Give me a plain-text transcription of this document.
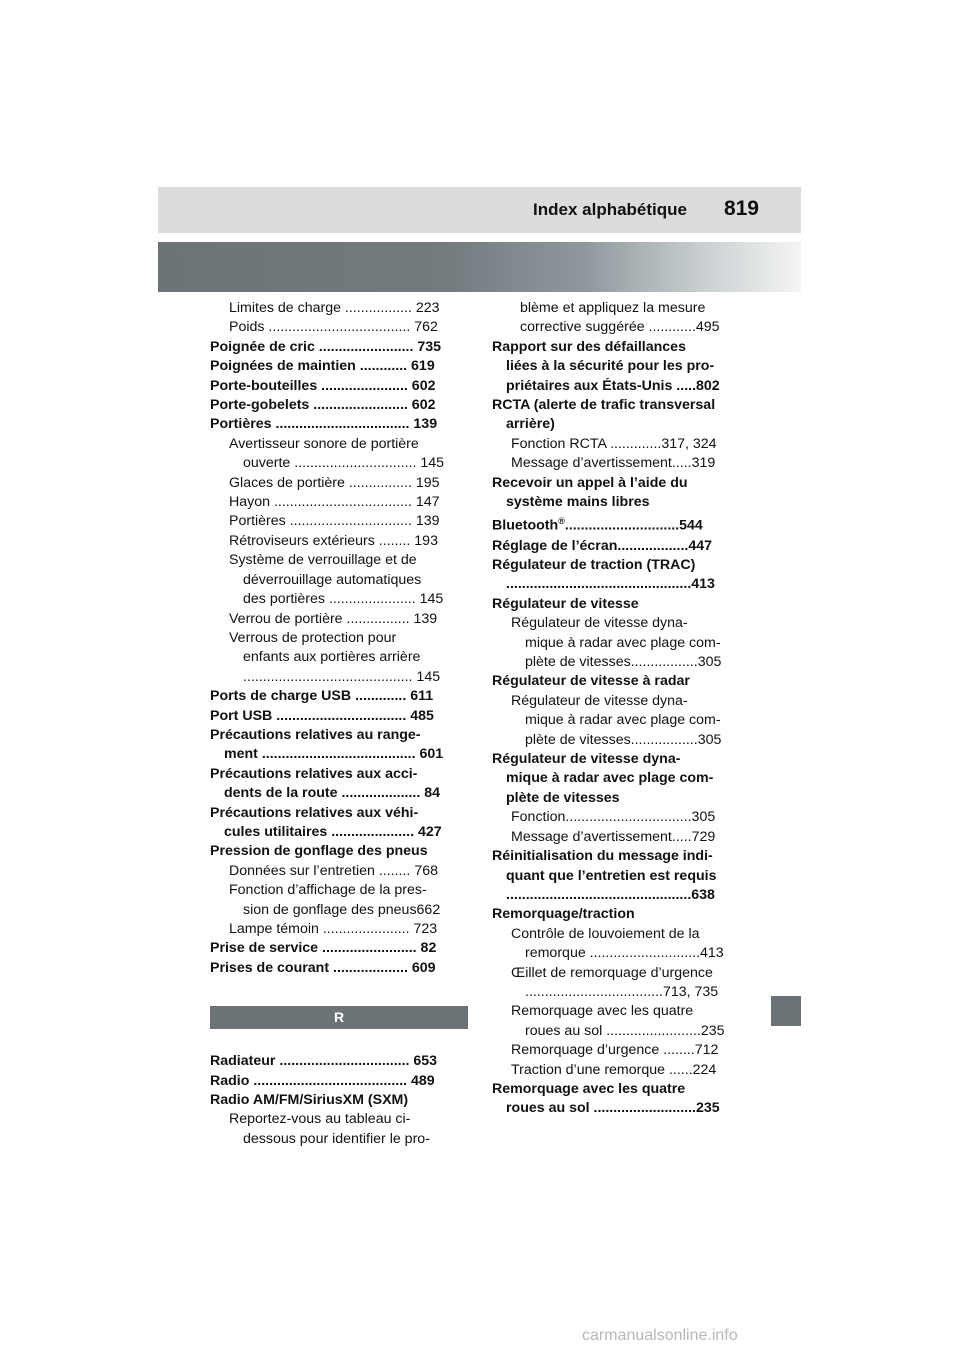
Index alphabétique 819
Limites de charge ................. 223
Poids .................................... 762
Poignée de cric ........................ 735
Poignées de maintien ............ 619
Porte-bouteilles ...................... 602
Porte-gobelets ........................ 602
Portières .................................. 139
Avertisseur sonore de portière
ouverte ............................... 145
Glaces de portière ................ 195
Hayon ................................... 147
Portières ............................... 139
Rétroviseurs extérieurs ........ 193
Système de verrouillage et de
déverrouillage automatiques
des portières ...................... 145
Verrou de portière ................ 139
Verrous de protection pour
enfants aux portières arrière
........................................... 145
Ports de charge USB ............. 611
Port USB ................................. 485
Précautions relatives au range-
ment ....................................... 601
Précautions relatives aux acci-
dents de la route .................... 84
Précautions relatives aux véhi-
cules utilitaires ..................... 427
Pression de gonflage des pneus
Données sur l’entretien ........ 768
Fonction d’affichage de la pres-
sion de gonflage des pneus662
Lampe témoin ...................... 723
Prise de service ........................ 82
Prises de courant ................... 609
R
Radiateur ................................. 653
Radio ....................................... 489
Radio AM/FM/SiriusXM (SXM)
Reportez-vous au tableau ci-
dessous pour identifier le pro-
blème et appliquez la mesure
corrective suggérée ............495
Rapport sur des défaillances
liées à la sécurité pour les pro-
priétaires aux États-Unis .....802
RCTA (alerte de trafic transversal
arrière)
Fonction RCTA .............317, 324
Message d’avertissement.....319
Recevoir un appel à l’aide du
système mains libres
Bluetooth®.............................544
Réglage de l’écran..................447
Régulateur de traction (TRAC)
...............................................413
Régulateur de vitesse
Régulateur de vitesse dyna-
mique à radar avec plage com-
plète de vitesses.................305
Régulateur de vitesse à radar
Régulateur de vitesse dyna-
mique à radar avec plage com-
plète de vitesses.................305
Régulateur de vitesse dyna-
mique à radar avec plage com-
plète de vitesses
Fonction................................305
Message d’avertissement.....729
Réinitialisation du message indi-
quant que l’entretien est requis
...............................................638
Remorquage/traction
Contrôle de louvoiement de la
remorque ............................413
Œillet de remorquage d’urgence
...................................713, 735
Remorquage avec les quatre
roues au sol ........................235
Remorquage d’urgence ........712
Traction d’une remorque ......224
Remorquage avec les quatre
roues au sol ..........................235
carmanualsonline.info
